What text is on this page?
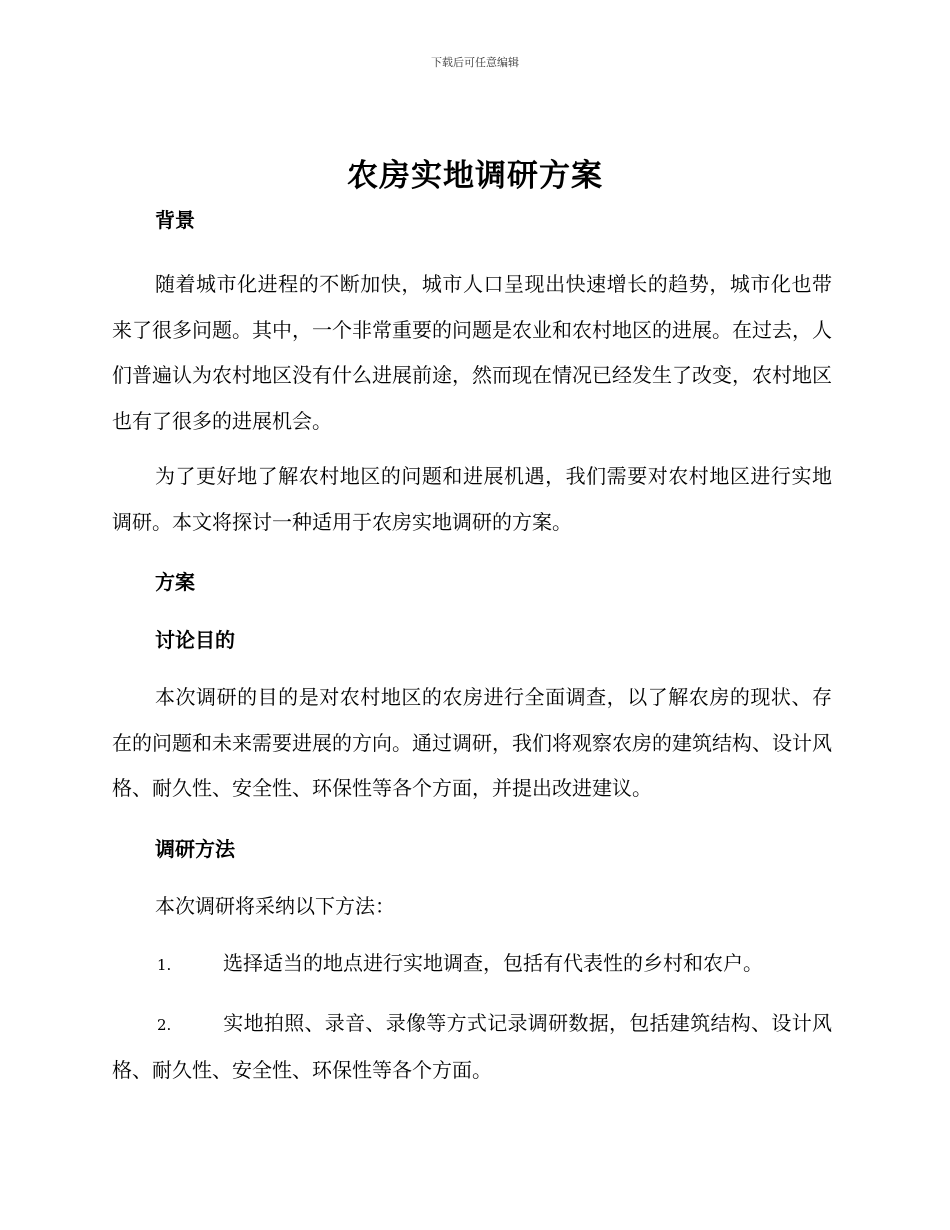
下载后可任意编辑
农房实地调研方案
背景
随着城市化进程的不断加快，城市人口呈现出快速增长的趋势，城市化也带来了很多问题。其中，一个非常重要的问题是农业和农村地区的进展。在过去，人们普遍认为农村地区没有什么进展前途，然而现在情况已经发生了改变，农村地区也有了很多的进展机会。
为了更好地了解农村地区的问题和进展机遇，我们需要对农村地区进行实地调研。本文将探讨一种适用于农房实地调研的方案。
方案
讨论目的
本次调研的目的是对农村地区的农房进行全面调查，以了解农房的现状、存在的问题和未来需要进展的方向。通过调研，我们将观察农房的建筑结构、设计风格、耐久性、安全性、环保性等各个方面，并提出改进建议。
调研方法
本次调研将采纳以下方法：
1.	选择适当的地点进行实地调查，包括有代表性的乡村和农户。
2.	实地拍照、录音、录像等方式记录调研数据，包括建筑结构、设计风格、耐久性、安全性、环保性等各个方面。
